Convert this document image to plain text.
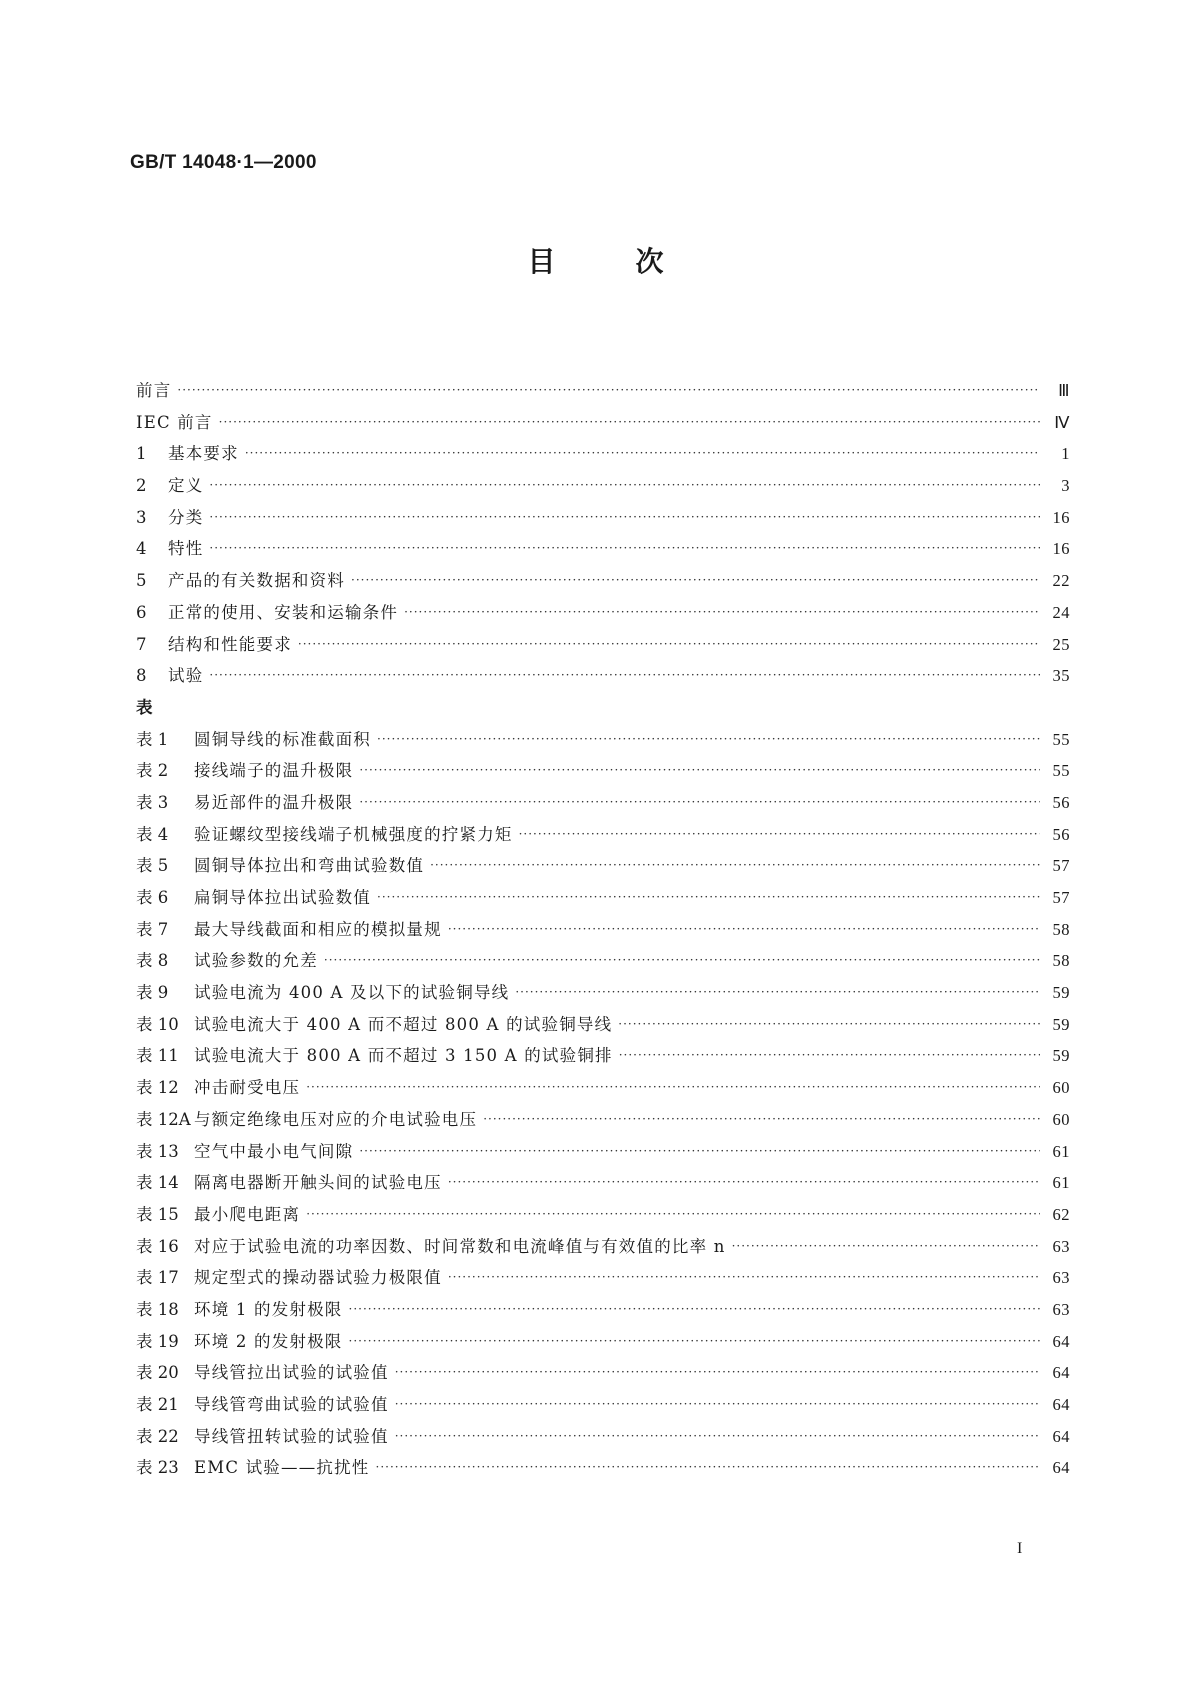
GB/T 14048·1—2000
目	次
前言 ·····	Ⅲ
IEC 前言 ·····	Ⅳ
1	基本要求 ·····	1
2	定义 ·····	3
3	分类 ·····	16
4	特性 ·····	16
5	产品的有关数据和资料 ·····	22
6	正常的使用、安装和运输条件 ·····	24
7	结构和性能要求 ·····	25
8	试验 ·····	35
表
表 1	圆铜导线的标准截面积 ·····	55
表 2	接线端子的温升极限 ·····	55
表 3	易近部件的温升极限 ·····	56
表 4	验证螺纹型接线端子机械强度的拧紧力矩 ·····	56
表 5	圆铜导体拉出和弯曲试验数值 ·····	57
表 6	扁铜导体拉出试验数值 ·····	57
表 7	最大导线截面和相应的模拟量规 ·····	58
表 8	试验参数的允差 ·····	58
表 9	试验电流为 400 A 及以下的试验铜导线 ·····	59
表 10 试验电流大于 400 A 而不超过 800 A 的试验铜导线 ·····	59
表 11 试验电流大于 800 A 而不超过 3 150 A 的试验铜排 ·····	59
表 12 冲击耐受电压 ·····	60
表 12A 与额定绝缘电压对应的介电试验电压 ·····	60
表 13 空气中最小电气间隙 ·····	61
表 14 隔离电器断开触头间的试验电压 ·····	61
表 15 最小爬电距离 ·····	62
表 16 对应于试验电流的功率因数、时间常数和电流峰值与有效值的比率 n ·····	63
表 17 规定型式的操动器试验力极限值 ·····	63
表 18 环境 1 的发射极限 ·····	63
表 19 环境 2 的发射极限 ·····	64
表 20 导线管拉出试验的试验值 ·····	64
表 21 导线管弯曲试验的试验值 ·····	64
表 22 导线管扭转试验的试验值 ·····	64
表 23 EMC 试验——抗扰性 ·····	64
I
